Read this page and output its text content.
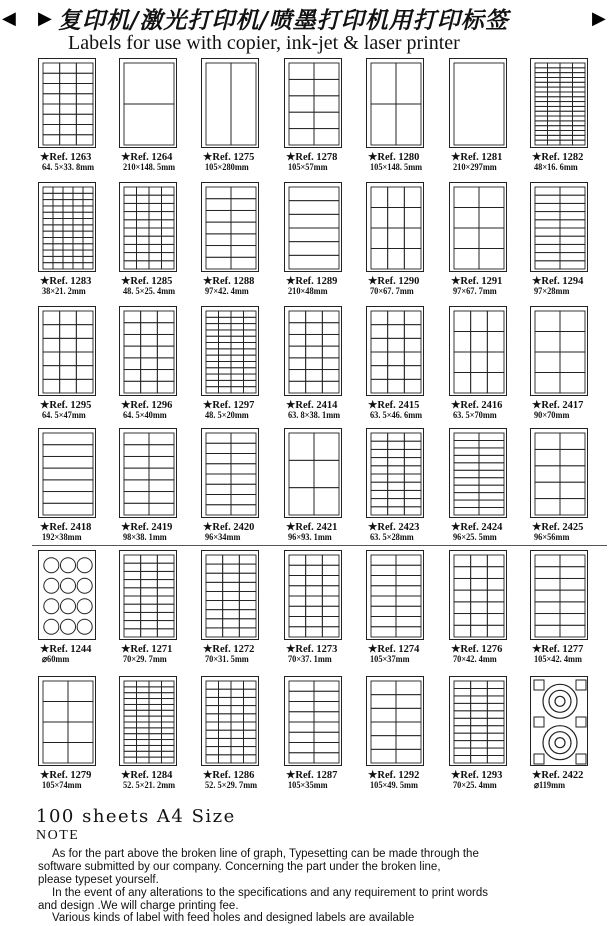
◀ ▶ 复印机/激光打印机/喷墨打印机用打印标签	▶
Labels for use with copier, ink-jet & laser printer
★Ref. 1263
64. 5×33. 8mm
★Ref. 1264
210×148. 5mm
★Ref. 1275
105×280mm
★Ref. 1278
105×57mm
★Ref. 1280
105×148. 5mm
★Ref. 1281
210×297mm
★Ref. 1282
48×16. 6mm
★Ref. 1283
38×21. 2mm
★Ref. 1285
48. 5×25. 4mm
★Ref. 1288
97×42. 4mm
★Ref. 1289
210×48mm
★Ref. 1290
70×67. 7mm
★Ref. 1291
97×67. 7mm
★Ref. 1294
97×28mm
★Ref. 1295
64. 5×47mm
★Ref. 1296
64. 5×40mm
★Ref. 1297
48. 5×20mm
★Ref. 2414
63. 8×38. 1mm
★Ref. 2415
63. 5×46. 6mm
★Ref. 2416
63. 5×70mm
★Ref. 2417
90×70mm
★Ref. 2418
192×38mm
★Ref. 2419
98×38. 1mm
★Ref. 2420
96×34mm
★Ref. 2421
96×93. 1mm
★Ref. 2423
63. 5×28mm
★Ref. 2424
96×25. 5mm
★Ref. 2425
96×56mm
★Ref. 1244
⌀60mm
★Ref. 1271
70×29. 7mm
★Ref. 1272
70×31. 5mm
★Ref. 1273
70×37. 1mm
★Ref. 1274
105×37mm
★Ref. 1276
70×42. 4mm
★Ref. 1277
105×42. 4mm
★Ref. 1279
105×74mm
★Ref. 1284
52. 5×21. 2mm
★Ref. 1286
52. 5×29. 7mm
★Ref. 1287
105×35mm
★Ref. 1292
105×49. 5mm
★Ref. 1293
70×25. 4mm
★Ref. 2422
⌀119mm
100 sheets A4 Size
NOTE
As for the part above the broken line of graph, Typesetting can be made through the
software submitted by our company. Concerning the part under the broken line,
please typeset yourself.
In the event of any alterations to the specifications and any requirement to print words
and design .We will charge printing fee.
Various kinds of label with feed holes and designed labels are available
